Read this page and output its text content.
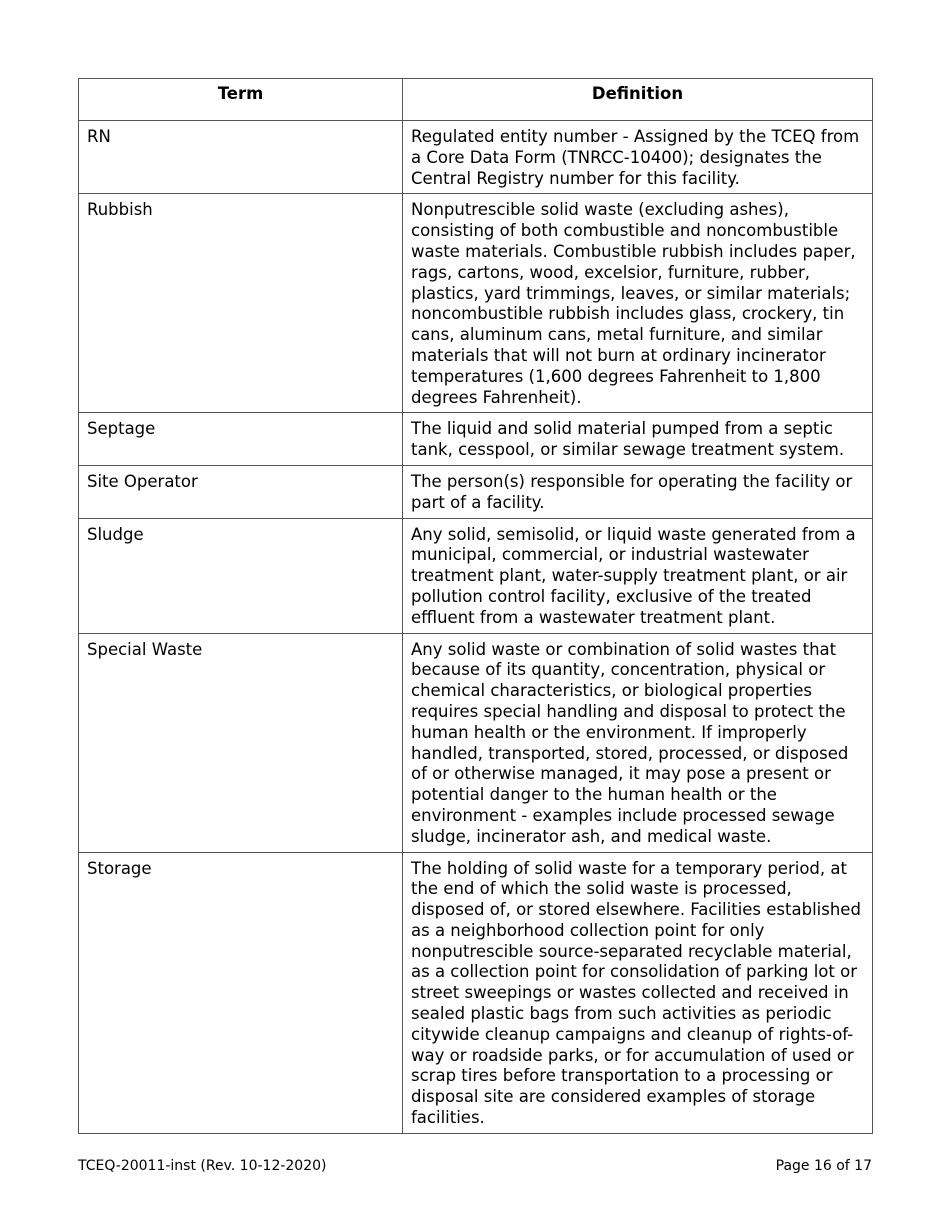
Term	Definition
RN	Regulated entity number - Assigned by the TCEQ from a Core Data Form (TNRCC-10400); designates the Central Registry number for this facility.
Rubbish	Nonputrescible solid waste (excluding ashes), consisting of both combustible and noncombustible waste materials. Combustible rubbish includes paper, rags, cartons, wood, excelsior, furniture, rubber, plastics, yard trimmings, leaves, or similar materials; noncombustible rubbish includes glass, crockery, tin cans, aluminum cans, metal furniture, and similar materials that will not burn at ordinary incinerator temperatures (1,600 degrees Fahrenheit to 1,800 degrees Fahrenheit).
Septage	The liquid and solid material pumped from a septic tank, cesspool, or similar sewage treatment system.
Site Operator	The person(s) responsible for operating the facility or part of a facility.
Sludge	Any solid, semisolid, or liquid waste generated from a municipal, commercial, or industrial wastewater treatment plant, water-supply treatment plant, or air pollution control facility, exclusive of the treated effluent from a wastewater treatment plant.
Special Waste	Any solid waste or combination of solid wastes that because of its quantity, concentration, physical or chemical characteristics, or biological properties requires special handling and disposal to protect the human health or the environment. If improperly handled, transported, stored, processed, or disposed of or otherwise managed, it may pose a present or potential danger to the human health or the environment - examples include processed sewage sludge, incinerator ash, and medical waste.
Storage	The holding of solid waste for a temporary period, at the end of which the solid waste is processed, disposed of, or stored elsewhere. Facilities established as a neighborhood collection point for only nonputrescible source-separated recyclable material, as a collection point for consolidation of parking lot or street sweepings or wastes collected and received in sealed plastic bags from such activities as periodic citywide cleanup campaigns and cleanup of rights-of-way or roadside parks, or for accumulation of used or scrap tires before transportation to a processing or disposal site are considered examples of storage facilities.
TCEQ-20011-inst (Rev. 10-12-2020)	Page 16 of 17
